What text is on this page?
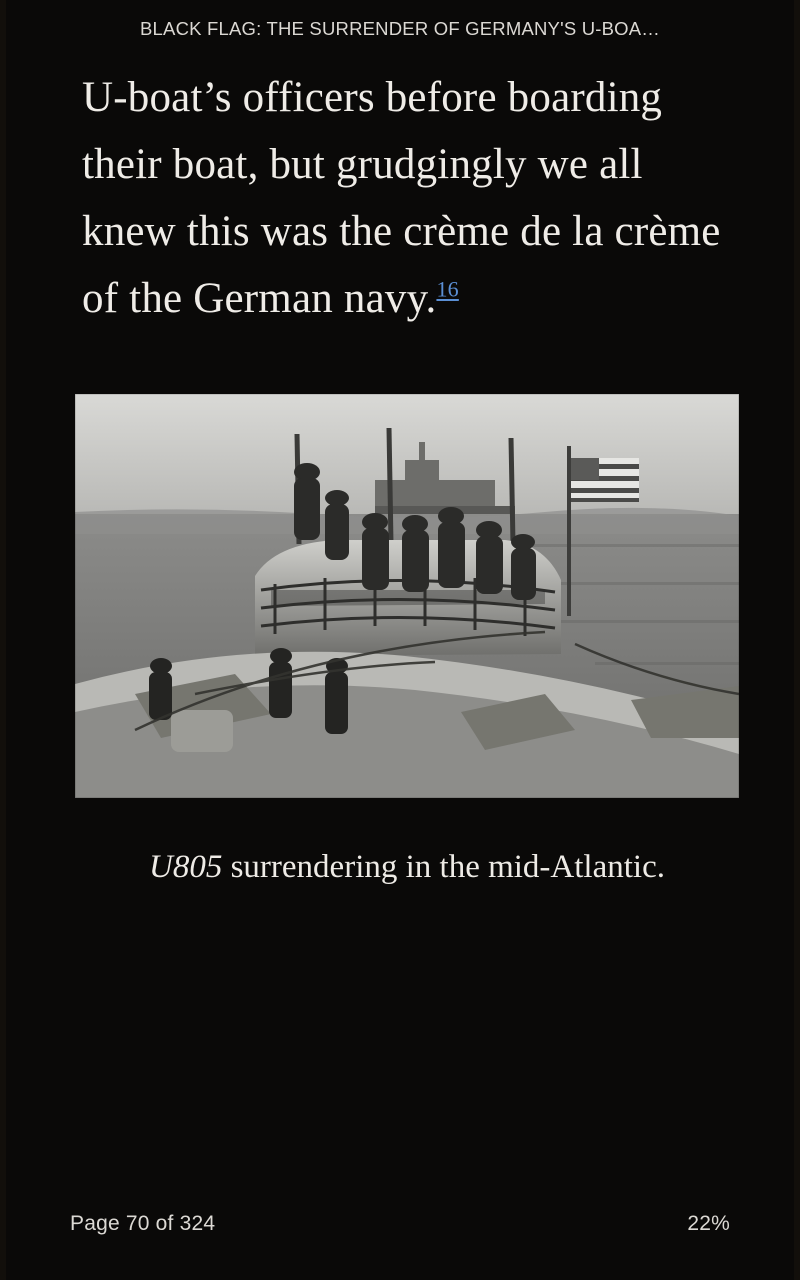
BLACK FLAG: THE SURRENDER OF GERMANY'S U-BOA…

U-boat’s officers before boarding their boat, but grudgingly we all knew this was the crème de la crème of the German navy.$^{16}$

U805 surrendering in the mid-Atlantic.
Page 70 of 324	22%
